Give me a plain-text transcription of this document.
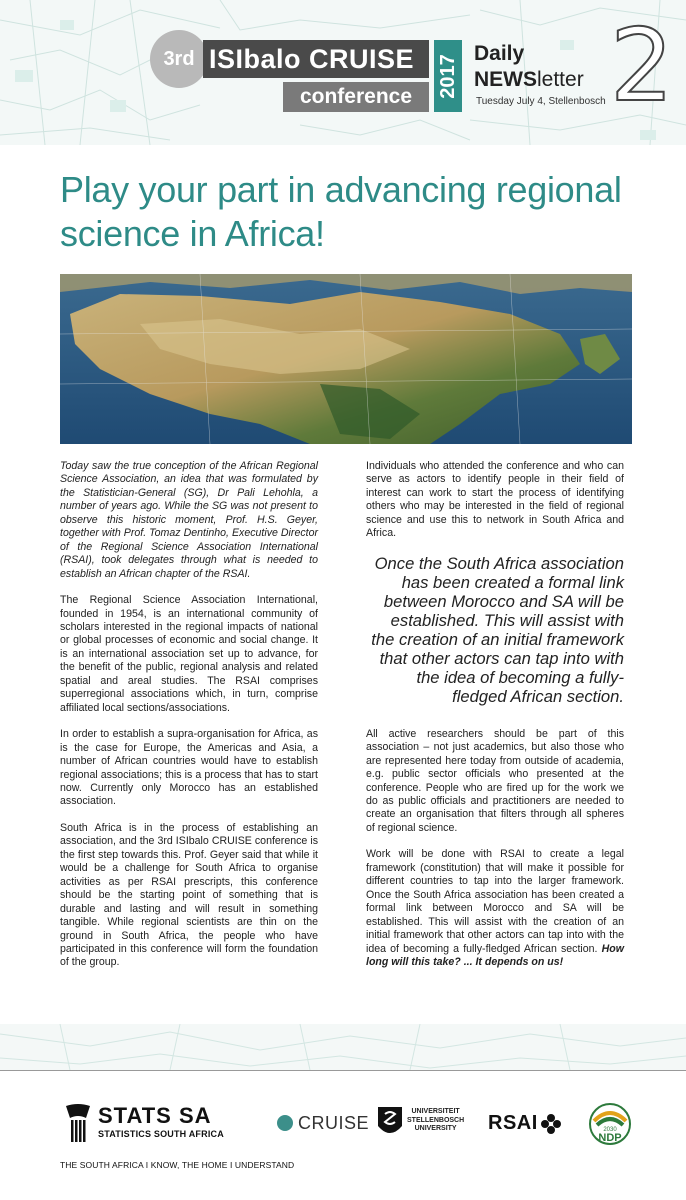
3rd ISIbalo CRUISE
conference	2017
Daily
NEWSletter
Tuesday July 4, Stellenbosch 2
Play your part in advancing regional science in Africa!

Today saw the true conception of the African Regional Science Association, an idea that was formulated by the Statistician-General (SG), Dr Pali Lehohla, a number of years ago. While the SG was not present to observe this historic moment, Prof. H.S. Geyer, together with Prof. Tomaz Dentinho, Executive Director of the Regional Science Association International (RSAI), took delegates through what is needed to establish an African chapter of the RSAI.

The Regional Science Association International, founded in 1954, is an international community of scholars interested in the regional impacts of national or global processes of economic and social change. It is an international association set up to advance, for the benefit of the public, regional analysis and related spatial and areal studies. The RSAI comprises superregional associations which, in turn, comprise affiliated local sections/associations.

In order to establish a supra-organisation for Africa, as is the case for Europe, the Americas and Asia, a number of African countries would have to establish regional associations; this is a process that has to start now. Currently only Morocco has an established association.

South Africa is in the process of establishing an association, and the 3rd ISIbalo CRUISE conference is the first step towards this. Prof. Geyer said that while it would be a challenge for South Africa to organise activities as per RSAI prescripts, this conference should be the starting point of something that is durable and lasting and will result in something tangible. While regional scientists are thin on the ground in South Africa, the people who have participated in this conference will form the foundation of the group.

Individuals who attended the conference and who can serve as actors to identify people in their field of interest can work to start the process of identifying others who may be interested in the field of regional science and use this to network in South Africa and Africa.

Once the South Africa association has been created a formal link between Morocco and SA will be established. This will assist with the creation of an initial framework that other actors can tap into with the idea of becoming a fully-fledged African section.

All active researchers should be part of this association – not just academics, but also those who are represented here today from outside of academia, e.g. public sector officials who presented at the conference. People who are fired up for the work we do as public officials and practitioners are needed to create an organisation that filters through all spheres of regional science.

Work will be done with RSAI to create a legal framework (constitution) that will make it possible for different countries to tap into the larger framework. Once the South Africa association has been created a formal link between Morocco and SA will be established. This will assist with the creation of an initial framework that other actors can tap into with the idea of becoming a fully-fledged African section. How long will this take? ... It depends on us!

STATS SA
STATISTICS SOUTH AFRICA
THE SOUTH AFRICA I KNOW, THE HOME I UNDERSTAND
CRUISE
UNIVERSITEIT
STELLENBOSCH
UNIVERSITY	RSAI	2030
NDP
